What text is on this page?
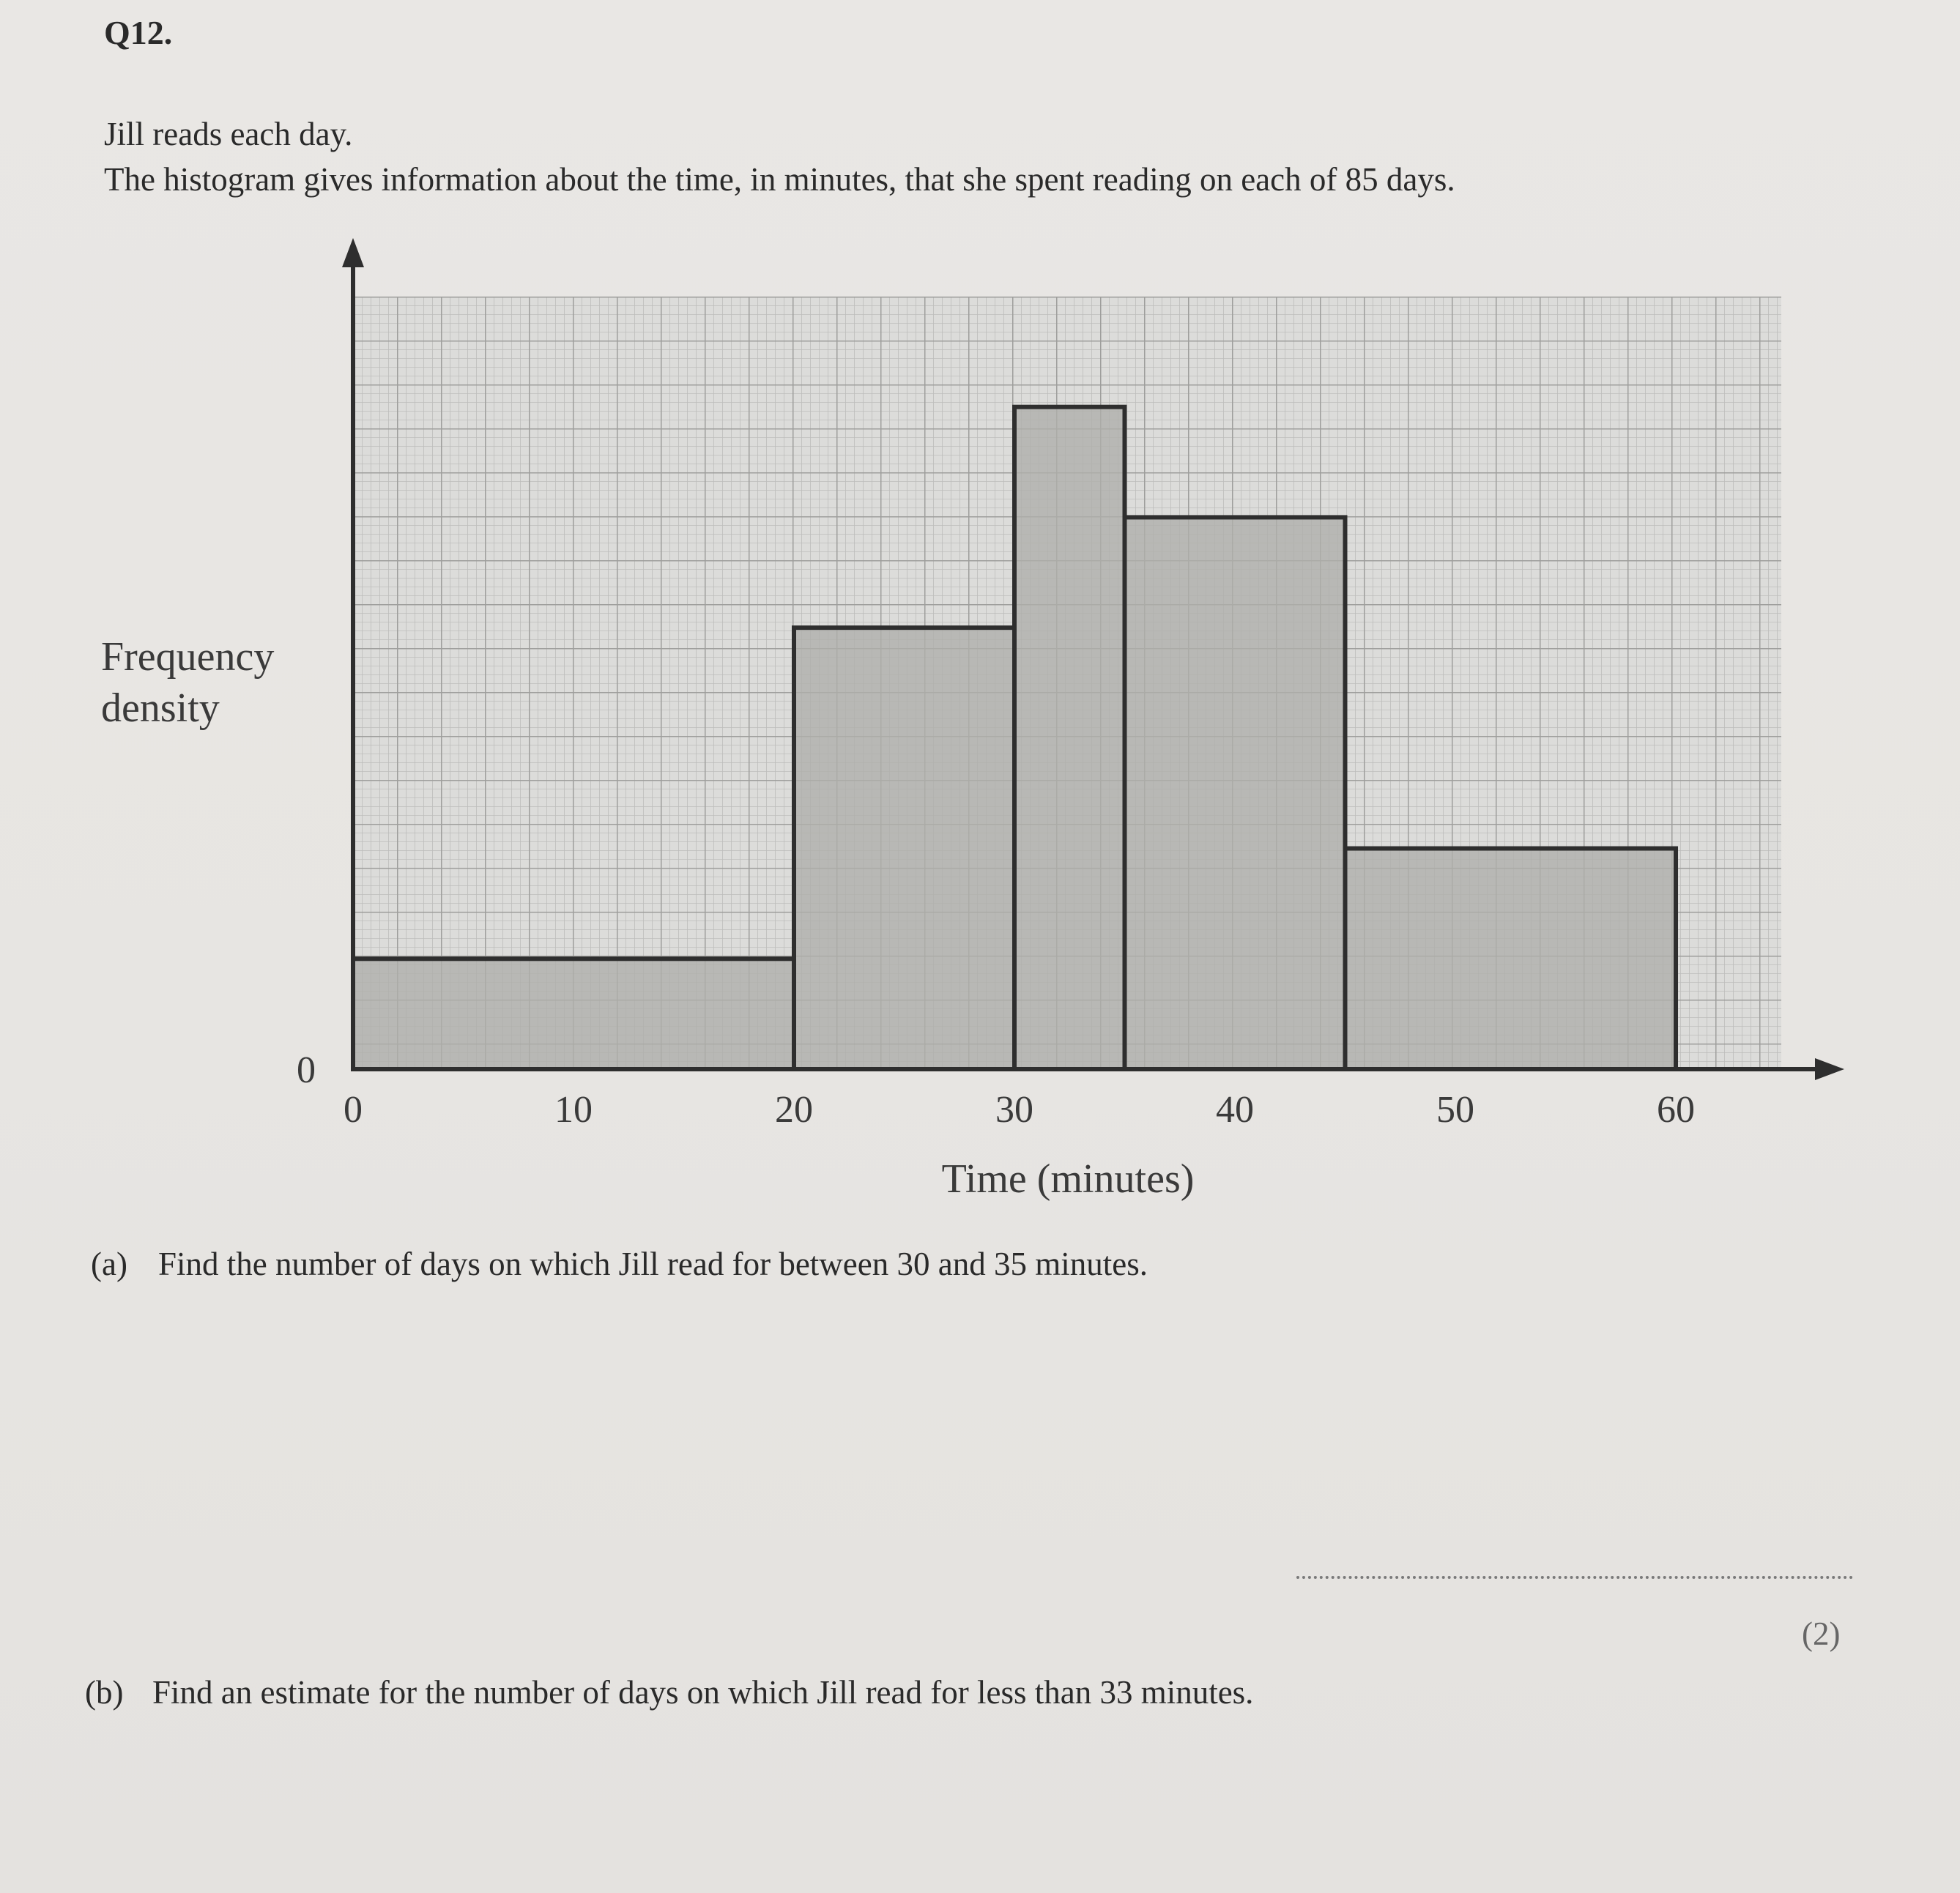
Q12.
Jill reads each day.
The histogram gives information about the time, in minutes, that she spent reading on each of 85 days.
Frequency
density
0	10	20	30	40	50	60
0
Time (minutes)
(a) Find the number of days on which Jill read for between 30 and 35 minutes.
(2)
(b) Find an estimate for the number of days on which Jill read for less than 33 minutes.
